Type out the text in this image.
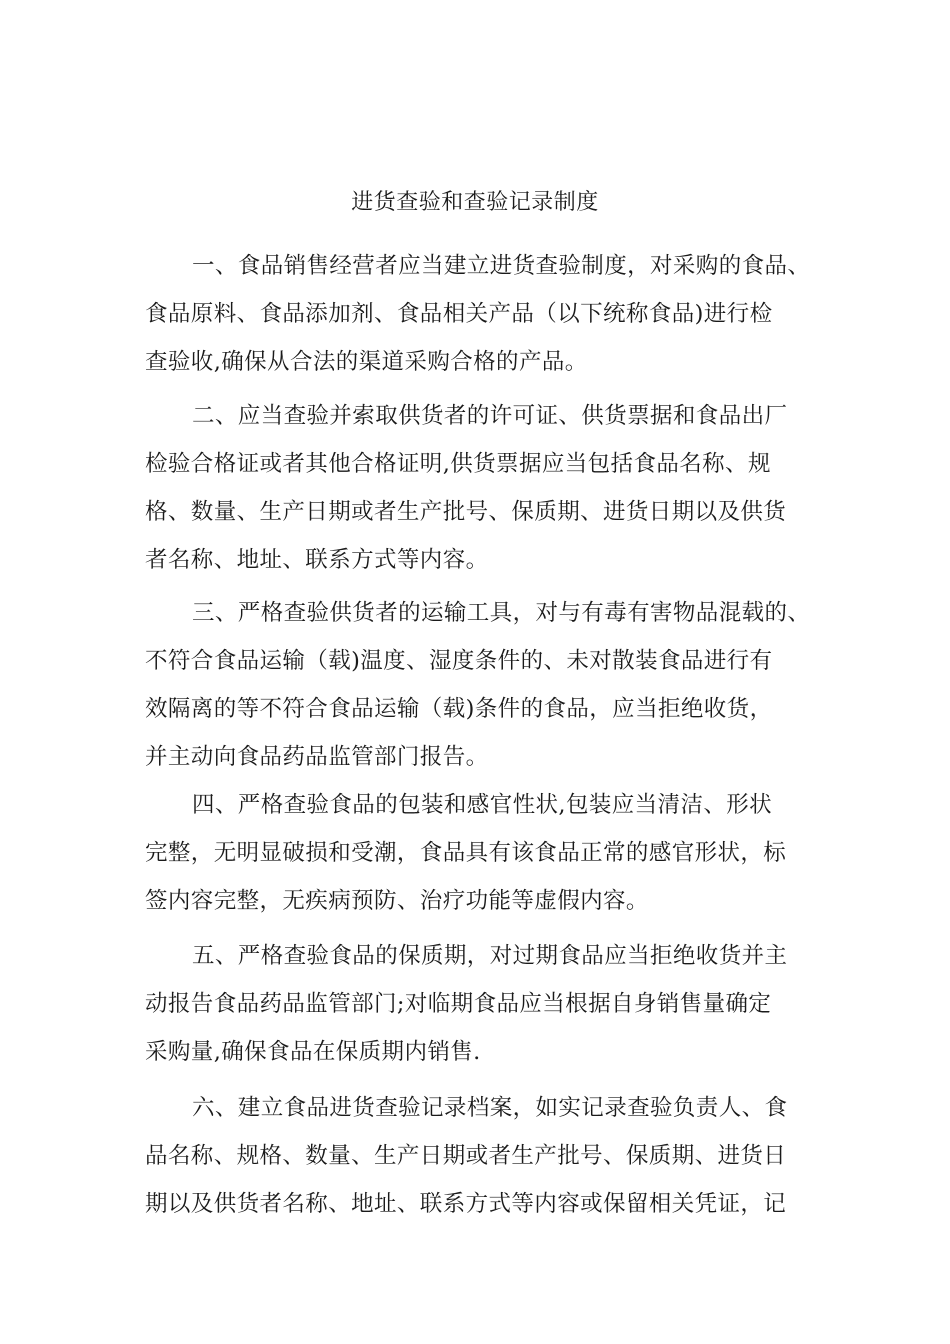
进货查验和查验记录制度
一、食品销售经营者应当建立进货查验制度，对采购的食品、
食品原料、食品添加剂、食品相关产品（以下统称食品)进行检
查验收,确保从合法的渠道采购合格的产品。
二、应当查验并索取供货者的许可证、供货票据和食品出厂
检验合格证或者其他合格证明,供货票据应当包括食品名称、规
格、数量、生产日期或者生产批号、保质期、进货日期以及供货
者名称、地址、联系方式等内容。
三、严格查验供货者的运输工具，对与有毒有害物品混载的、
不符合食品运输（载)温度、湿度条件的、未对散装食品进行有
效隔离的等不符合食品运输（载)条件的食品，应当拒绝收货，
并主动向食品药品监管部门报告。
四、严格查验食品的包装和感官性状,包装应当清洁、形状
完整，无明显破损和受潮，食品具有该食品正常的感官形状，标
签内容完整，无疾病预防、治疗功能等虚假内容。
五、严格查验食品的保质期，对过期食品应当拒绝收货并主
动报告食品药品监管部门;对临期食品应当根据自身销售量确定
采购量,确保食品在保质期内销售.
六、建立食品进货查验记录档案，如实记录查验负责人、食
品名称、规格、数量、生产日期或者生产批号、保质期、进货日
期以及供货者名称、地址、联系方式等内容或保留相关凭证，记
